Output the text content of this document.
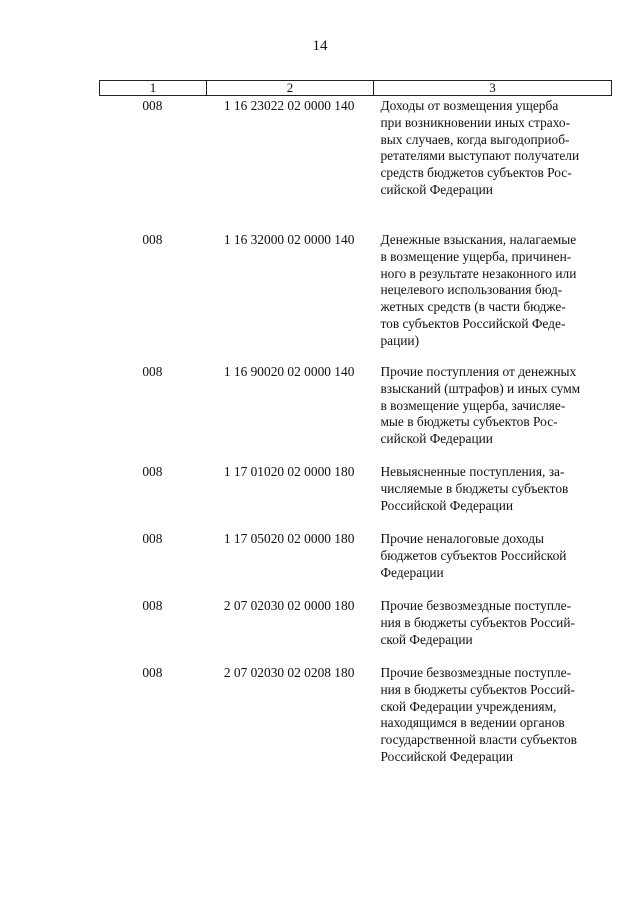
14
1	2	3
008	1 16 23022 02 0000 140	Доходы от возмещения ущерба
при возникновении иных страхо-
вых случаев, когда выгодоприоб-
ретателями выступают получатели
средств бюджетов субъектов Рос-
сийской Федерации
008	1 16 32000 02 0000 140	Денежные взыскания, налагаемые
в возмещение ущерба, причинен-
ного в результате незаконного или
нецелевого использования бюд-
жетных средств (в части бюдже-
тов субъектов Российской Феде-
рации)
008	1 16 90020 02 0000 140	Прочие поступления от денежных
взысканий (штрафов) и иных сумм
в возмещение ущерба, зачисляе-
мые в бюджеты субъектов Рос-
сийской Федерации
008	1 17 01020 02 0000 180	Невыясненные поступления, за-
числяемые в бюджеты субъектов
Российской Федерации
008	1 17 05020 02 0000 180	Прочие неналоговые доходы
бюджетов субъектов Российской
Федерации
008	2 07 02030 02 0000 180	Прочие безвозмездные поступле-
ния в бюджеты субъектов Россий-
ской Федерации
008	2 07 02030 02 0208 180	Прочие безвозмездные поступле-
ния в бюджеты субъектов Россий-
ской Федерации учреждениям,
находящимся в ведении органов
государственной власти субъектов
Российской Федерации
